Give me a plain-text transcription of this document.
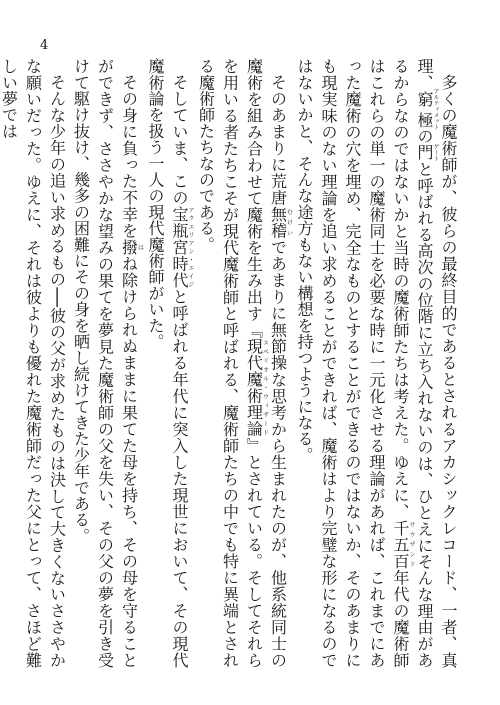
4

多くの魔術師が、彼らの最終目的であるとされるアカシックレコード、一者、真理、窮極アルティメットの門ゲートと呼ばれる高次の位階に立ち入れないのは、ひとえにそんな理由があるからなのではないかと当時の魔術師たちは考えた。ゆえに、千五百サウザンド年代の魔術師はこれらの単一の魔術同士を必要な時に一元化させる理論があれば、これまでにあった魔術の穴を埋め、完全なものとすることができるのではないか、そのあまりにも現実味のない理論を追い求めることができれば、魔術はより完璧な形になるのではないかと、そんな途方もない構想を持つようになる。

そのあまりに荒唐無稽むけいであまりに無節操な思考から生まれたのが、他系統同士の魔術を組み合わせて魔術を生み出す『現代魔術理論スペリオル・ウィザード』とされている。そしてそれらを用いる者たちこそが現代魔術師と呼ばれる、魔術師たちの中でも特に異端とされる魔術師たちなのである。

そしていま、この宝瓶宮時代アクエリアン・エイジと呼ばれる年代に突入した現世において、その現代魔術論を扱う一人の現代魔術師がいた。

その身に負った不幸を撥はね除けられぬままに果てた母を持ち、その母を守ることができず、ささやかな望みの果てを夢見た魔術師の父を失い、その父の夢を引き受けて駆け抜け、幾多の困難にその身を晒し続けてきた少年である。

そんな少年の追い求めるもの──彼の父が求めたものは決して大きくないささやかな願いだった。ゆえに、それは彼よりも優れた魔術師だった父にとって、さほど難しい夢では
